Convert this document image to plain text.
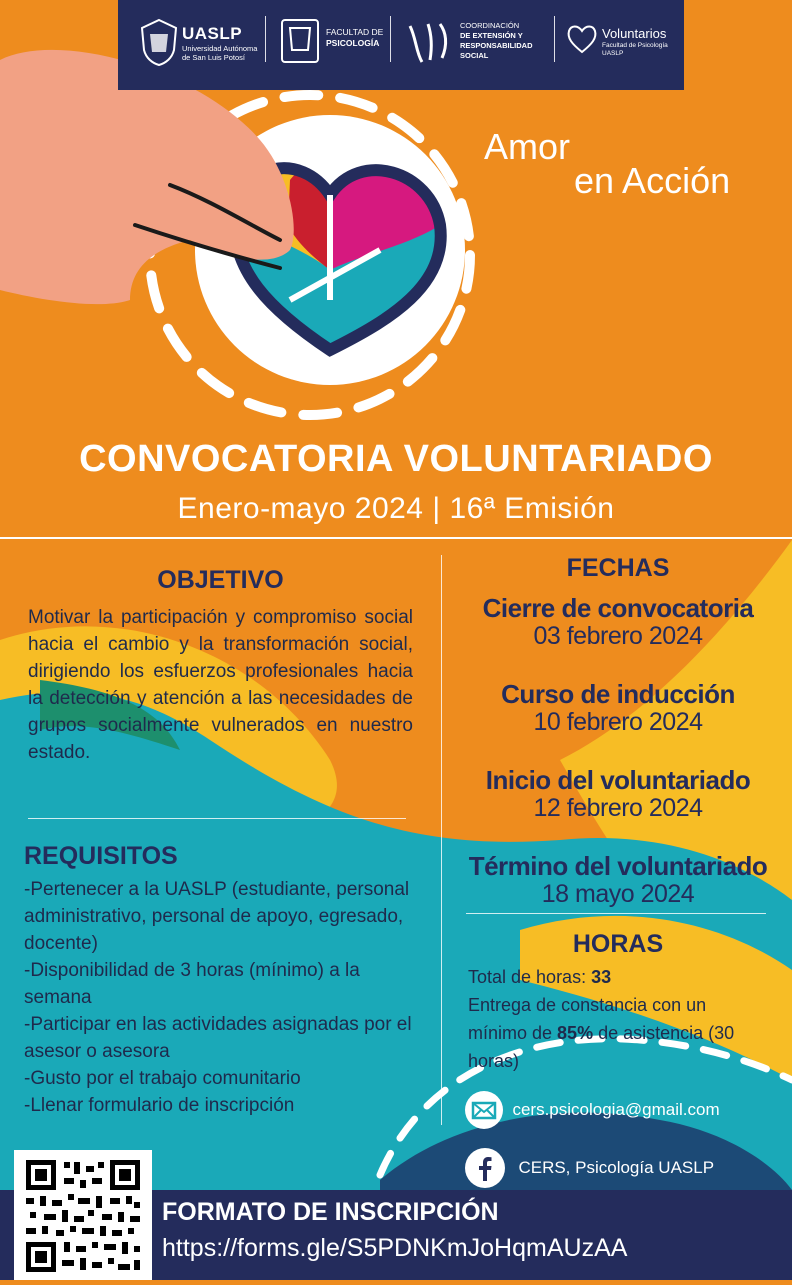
UASLP
Universidad Autónoma
de San Luis Potosí
FACULTAD DE
PSICOLOGÍA
COORDINACIÓN
DE EXTENSIÓN Y
RESPONSABILIDAD
SOCIAL
Voluntarios
Facultad de Psicología
UASLP
Amor
en Acción
CONVOCATORIA VOLUNTARIADO
Enero-mayo 2024 | 16ª Emisión
OBJETIVO
Motivar la participación y compromiso social hacia el cambio y la transformación social, dirigiendo los esfuerzos profesionales hacia la detección y atención a las necesidades de grupos socialmente vulnerados en nuestro estado.
REQUISITOS
-Pertenecer a la UASLP (estudiante, personal administrativo, personal de apoyo, egresado, docente)
-Disponibilidad de 3 horas (mínimo) a la semana
-Participar en las actividades asignadas por el asesor o asesora
-Gusto por el trabajo comunitario
-Llenar formulario de inscripción
FECHAS
Cierre de convocatoria
03 febrero 2024
Curso de inducción
10 febrero 2024
Inicio del voluntariado
12 febrero 2024
Término del voluntariado
18 mayo 2024
HORAS
Total de horas: 33
Entrega de constancia con un mínimo de 85% de asistencia (30 horas)
cers.psicologia@gmail.com
CERS, Psicología UASLP
FORMATO DE INSCRIPCIÓN
https://forms.gle/S5PDNKmJoHqmAUzAA
